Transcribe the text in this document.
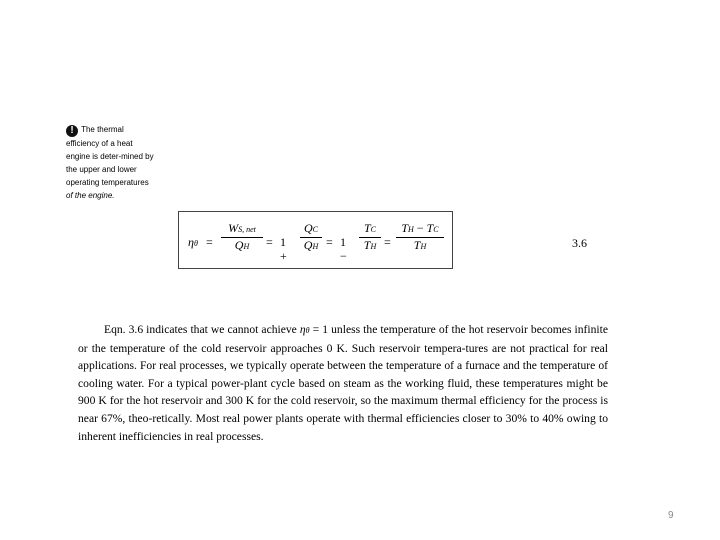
! The thermal efficiency of a heat engine is deter-mined by the upper and lower operating temperatures of the engine.
ηθ =
WS, net
QH	= 1 +
$\frac{QC}{QH} = 1$ −
$\frac{TC}{TH} = \frac{TH - TC}{TH}$	3.6

Eqn. 3.6 indicates that we cannot achieve ηθ = 1 unless the temperature of the hot reservoir becomes infinite or the temperature of the cold reservoir approaches 0 K. Such reservoir tempera-tures are not practical for real applications. For real processes, we typically operate between the temperature of a furnace and the temperature of cooling water. For a typical power-plant cycle based on steam as the working fluid, these temperatures might be 900 K for the hot reservoir and 300 K for the cold reservoir, so the maximum thermal efficiency for the process is near 67%, theo-retically. Most real power plants operate with thermal efficiencies closer to 30% to 40% owing to inherent inefficiencies in real processes.

9
